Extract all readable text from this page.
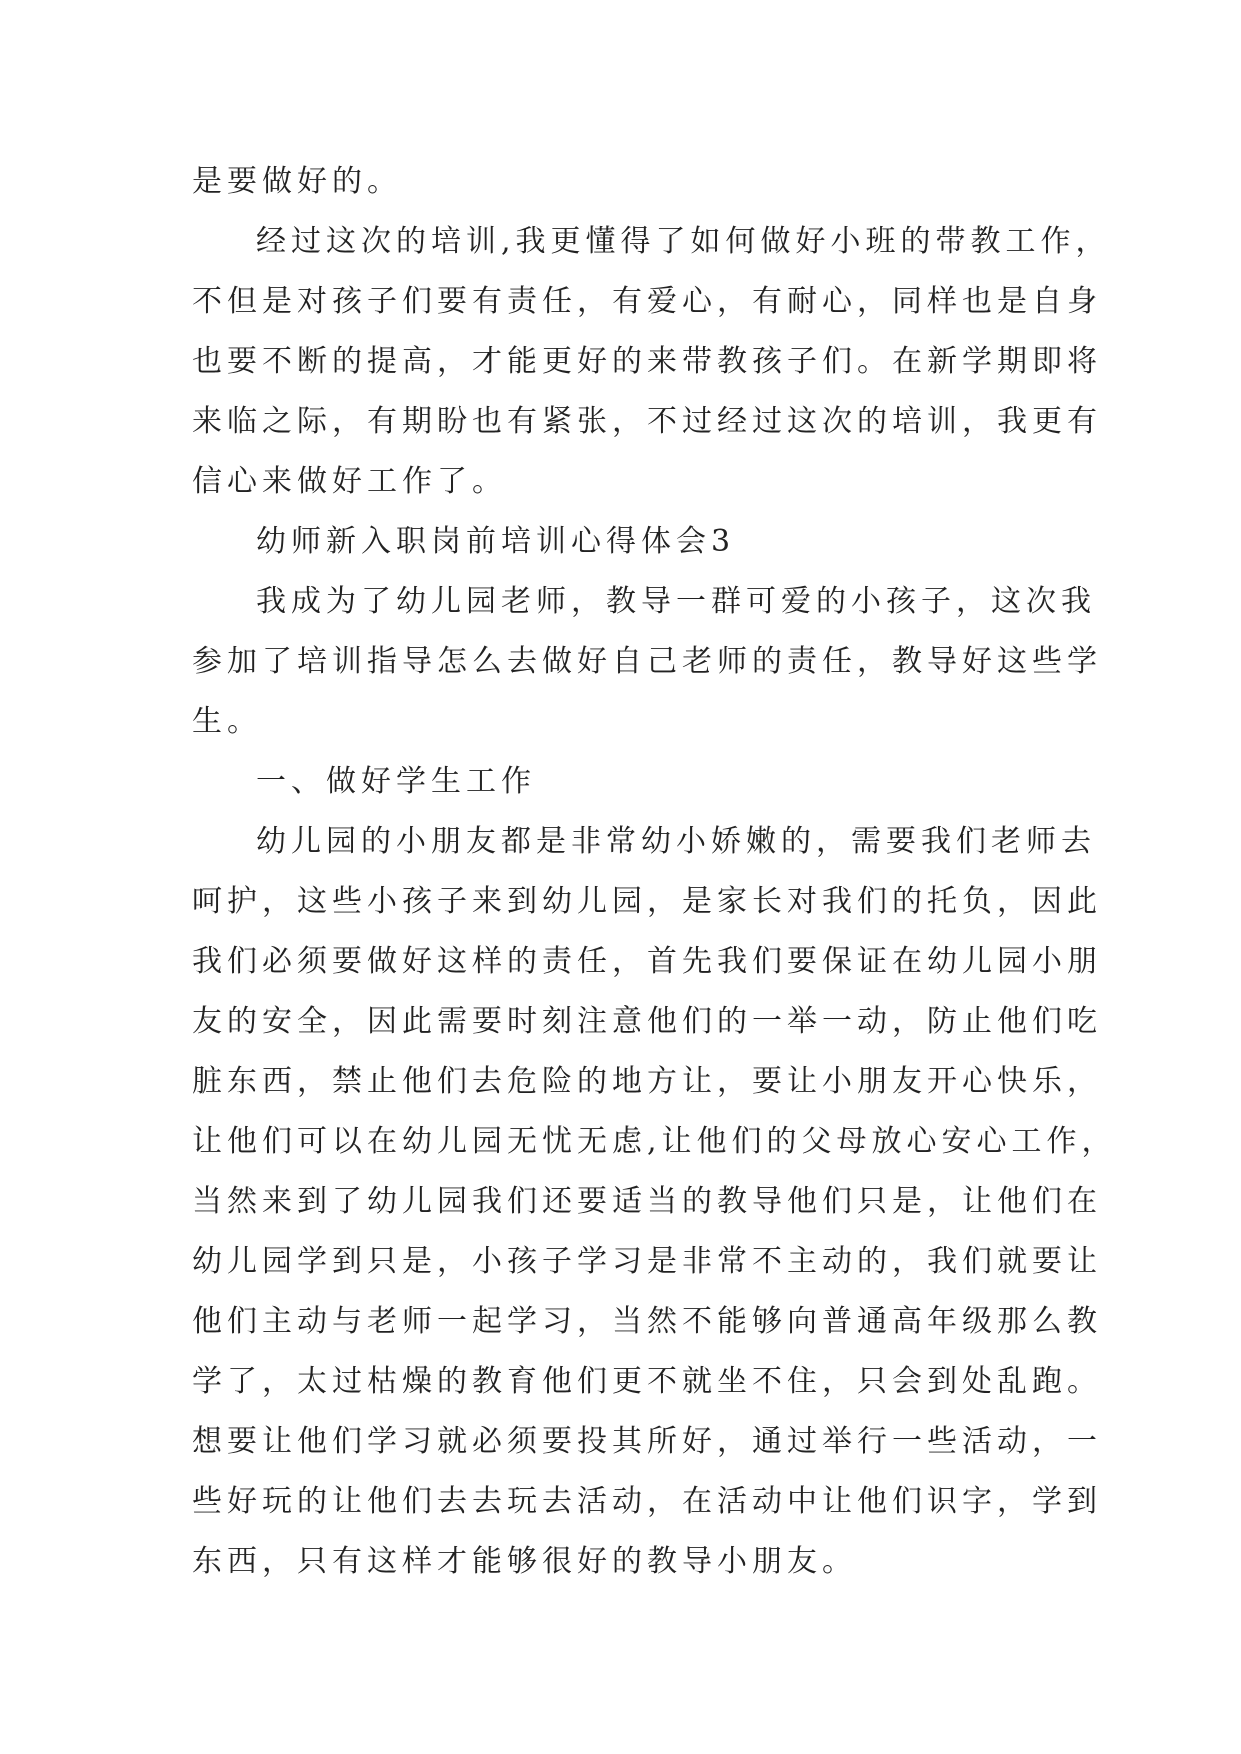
是要做好的。

经过这次的培训,我更懂得了如何做好小班的带教工作，

不但是对孩子们要有责任，有爱心，有耐心，同样也是自身

也要不断的提高，才能更好的来带教孩子们。在新学期即将

来临之际，有期盼也有紧张，不过经过这次的培训，我更有

信心来做好工作了。

幼师新入职岗前培训心得体会3

我成为了幼儿园老师，教导一群可爱的小孩子，这次我

参加了培训指导怎么去做好自己老师的责任，教导好这些学

生。

一、做好学生工作

幼儿园的小朋友都是非常幼小娇嫩的，需要我们老师去

呵护，这些小孩子来到幼儿园，是家长对我们的托负，因此

我们必须要做好这样的责任，首先我们要保证在幼儿园小朋

友的安全，因此需要时刻注意他们的一举一动，防止他们吃

脏东西，禁止他们去危险的地方让，要让小朋友开心快乐，

让他们可以在幼儿园无忧无虑,让他们的父母放心安心工作，

当然来到了幼儿园我们还要适当的教导他们只是，让他们在

幼儿园学到只是，小孩子学习是非常不主动的，我们就要让

他们主动与老师一起学习，当然不能够向普通高年级那么教

学了，太过枯燥的教育他们更不就坐不住，只会到处乱跑。

想要让他们学习就必须要投其所好，通过举行一些活动，一

些好玩的让他们去去玩去活动，在活动中让他们识字，学到

东西，只有这样才能够很好的教导小朋友。
